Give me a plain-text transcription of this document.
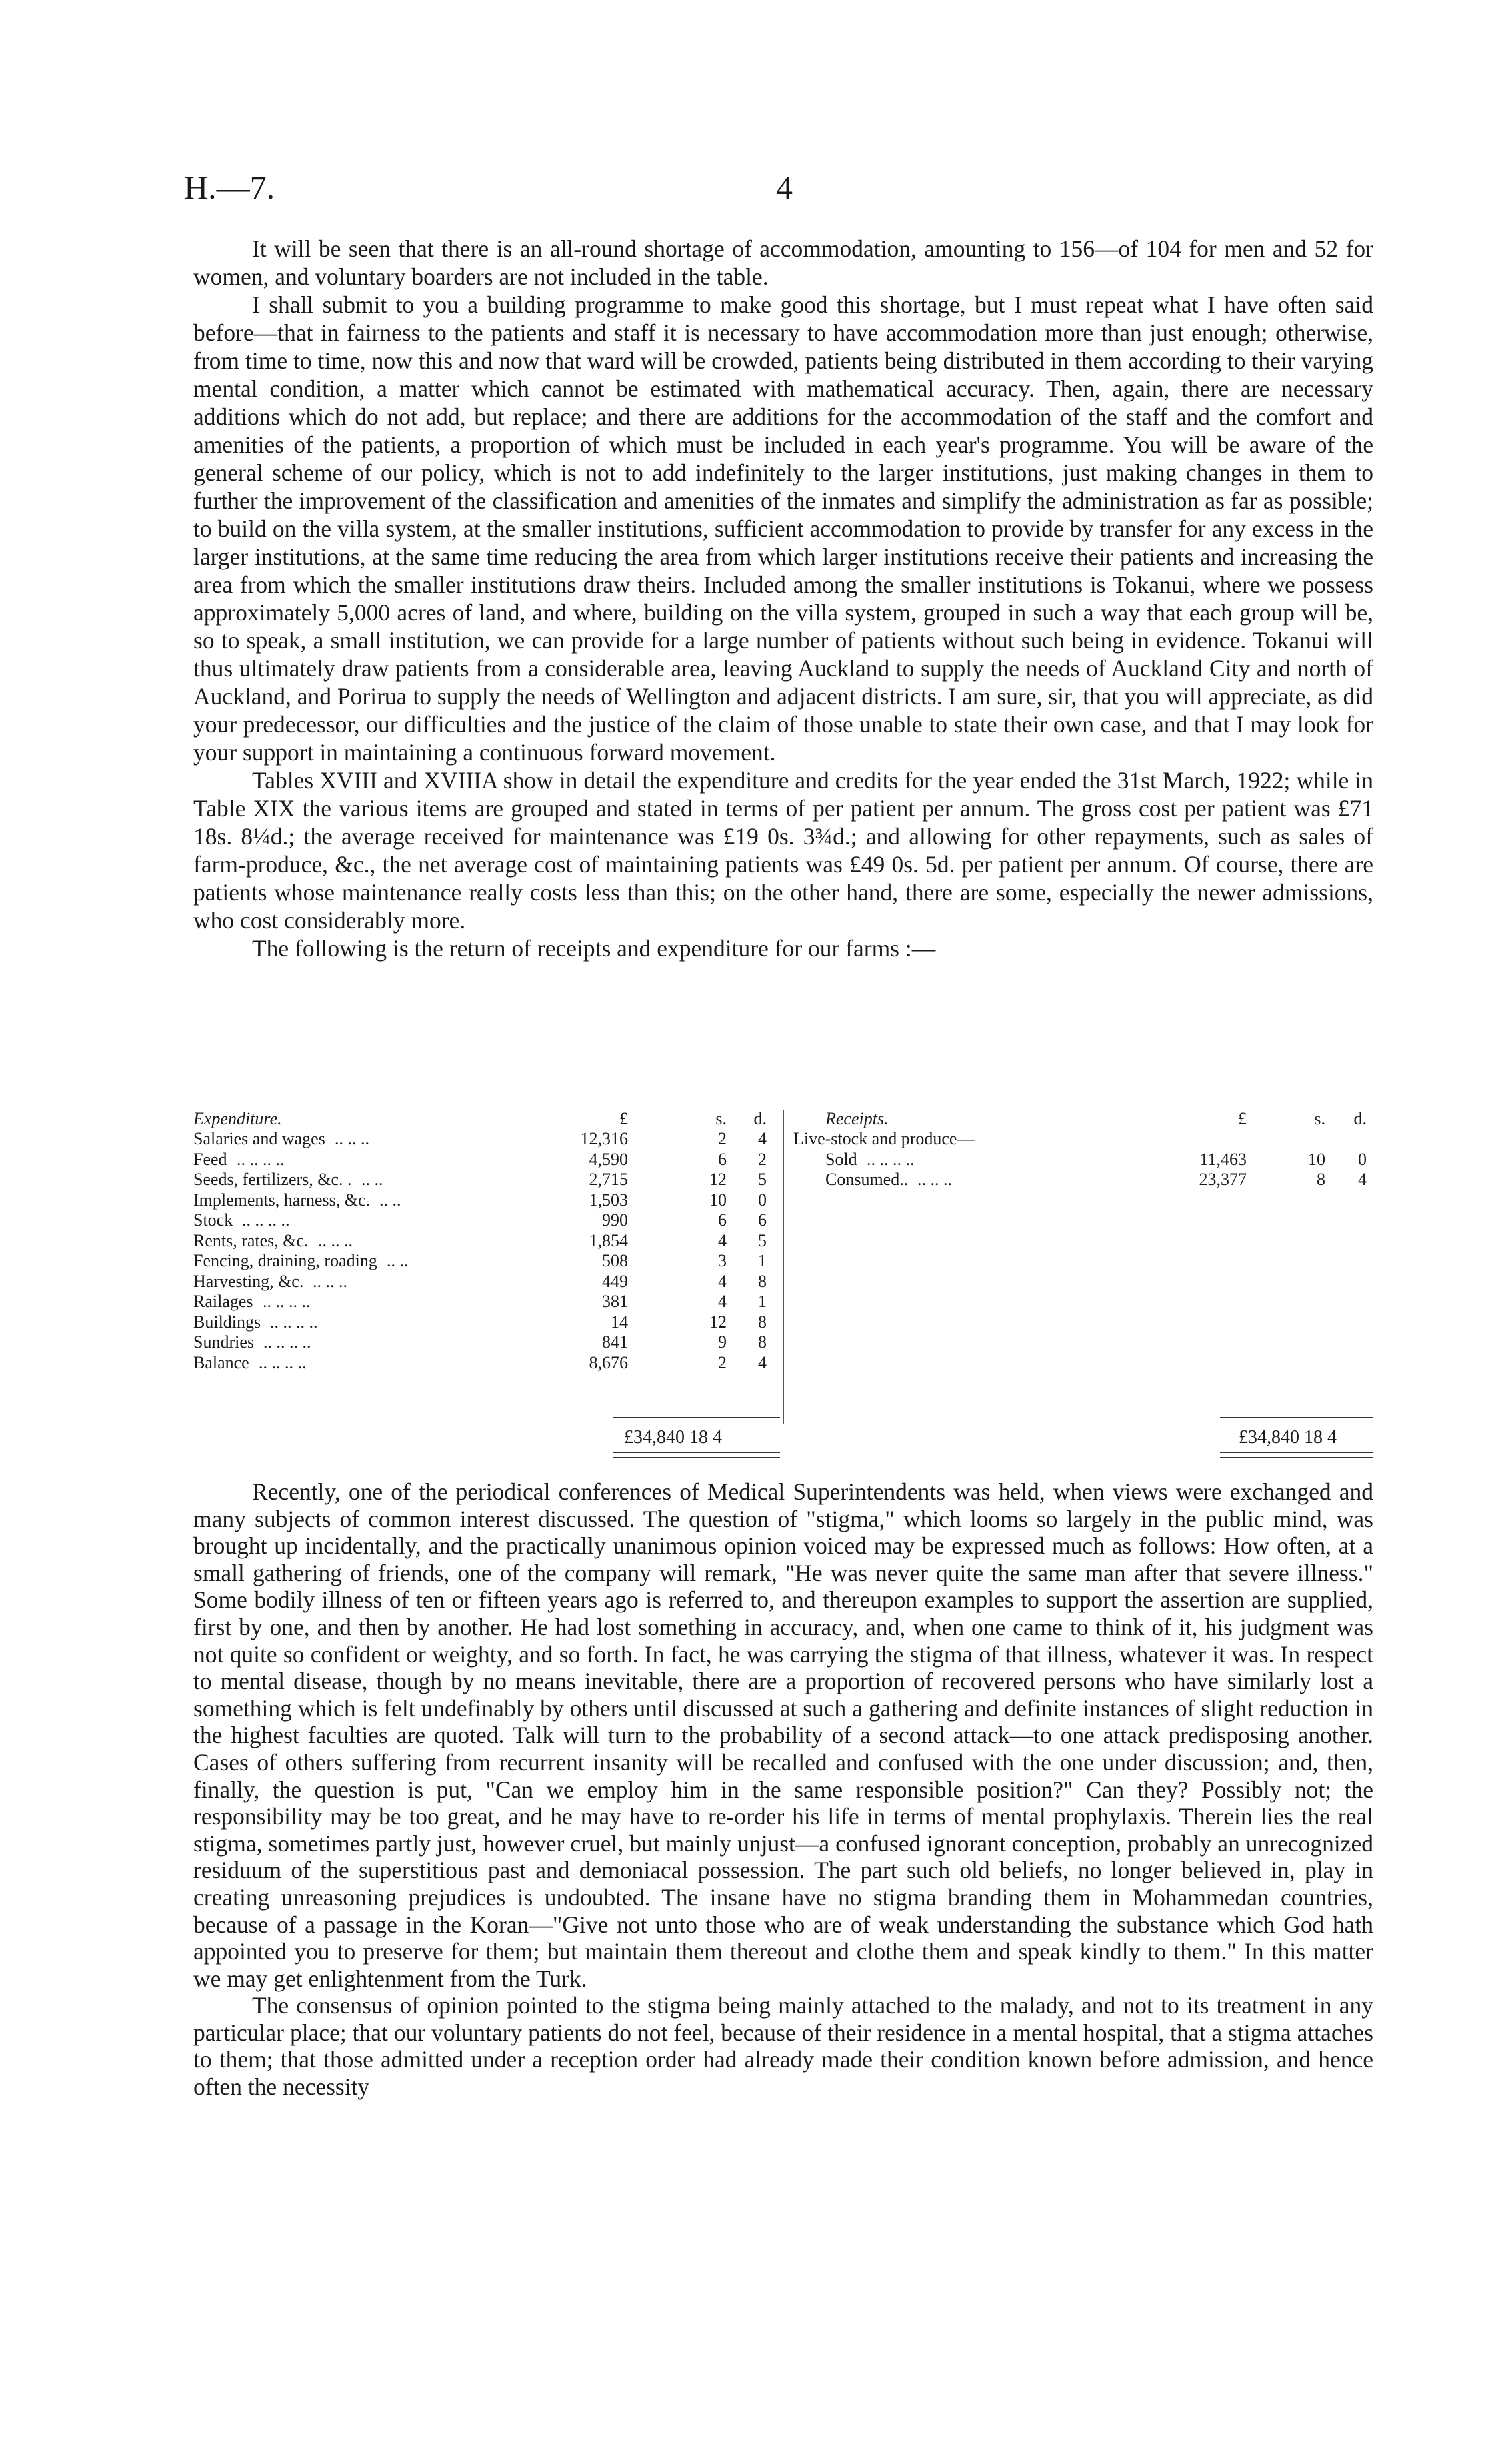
H.—7.	4

It will be seen that there is an all-round shortage of accommodation, amounting to 156—of 104 for men and 52 for women, and voluntary boarders are not included in the table.

I shall submit to you a building programme to make good this shortage, but I must repeat what I have often said before—that in fairness to the patients and staff it is necessary to have accommodation more than just enough; otherwise, from time to time, now this and now that ward will be crowded, patients being distributed in them according to their varying mental condition, a matter which cannot be estimated with mathematical accuracy. Then, again, there are necessary additions which do not add, but replace; and there are additions for the accommodation of the staff and the comfort and amenities of the patients, a proportion of which must be included in each year's programme. You will be aware of the general scheme of our policy, which is not to add indefinitely to the larger institutions, just making changes in them to further the improvement of the classification and amenities of the inmates and simplify the administration as far as possible; to build on the villa system, at the smaller institutions, sufficient accommodation to provide by transfer for any excess in the larger institutions, at the same time reducing the area from which larger institutions receive their patients and increasing the area from which the smaller institutions draw theirs. Included among the smaller institutions is Tokanui, where we possess approximately 5,000 acres of land, and where, building on the villa system, grouped in such a way that each group will be, so to speak, a small institution, we can provide for a large number of patients without such being in evidence. Tokanui will thus ultimately draw patients from a considerable area, leaving Auckland to supply the needs of Auckland City and north of Auckland, and Porirua to supply the needs of Wellington and adjacent districts. I am sure, sir, that you will appreciate, as did your predecessor, our difficulties and the justice of the claim of those unable to state their own case, and that I may look for your support in maintaining a continuous forward movement.

Tables XVIII and XVIIIA show in detail the expenditure and credits for the year ended the 31st March, 1922; while in Table XIX the various items are grouped and stated in terms of per patient per annum. The gross cost per patient was £71 18s. 8¼d.; the average received for maintenance was £19 0s. 3¾d.; and allowing for other repayments, such as sales of farm-produce, &c., the net average cost of maintaining patients was £49 0s. 5d. per patient per annum. Of course, there are patients whose maintenance really costs less than this; on the other hand, there are some, especially the newer admissions, who cost considerably more.

The following is the return of receipts and expenditure for our farms :—

Expenditure.	£	s.	d.
Salaries and wages .. .. ..	12,316	2	4
Feed .. .. .. ..	4,590	6	2
Seeds, fertilizers, &c. . .. ..	2,715	12	5
Implements, harness, &c. .. ..	1,503	10	0
Stock .. .. .. ..	990	6	6
Rents, rates, &c. .. .. ..	1,854	4	5
Fencing, draining, roading .. ..	508	3	1
Harvesting, &c. .. .. ..	449	4	8
Railages .. .. .. ..	381	4	1
Buildings .. .. .. ..	14	12	8
Sundries .. .. .. ..	841	9	8
Balance .. .. .. ..	8,676	2	4
Receipts.	£	s.	d.
Live-stock and produce—
Sold .. .. .. ..	11,463	10	0
Consumed.. .. .. ..	23,377	8	4
£34,840 18 4	£34,840 18 4

Recently, one of the periodical conferences of Medical Superintendents was held, when views were exchanged and many subjects of common interest discussed. The question of "stigma," which looms so largely in the public mind, was brought up incidentally, and the practically unanimous opinion voiced may be expressed much as follows: How often, at a small gathering of friends, one of the company will remark, "He was never quite the same man after that severe illness." Some bodily illness of ten or fifteen years ago is referred to, and thereupon examples to support the assertion are supplied, first by one, and then by another. He had lost something in accuracy, and, when one came to think of it, his judgment was not quite so confident or weighty, and so forth. In fact, he was carrying the stigma of that illness, whatever it was. In respect to mental disease, though by no means inevitable, there are a proportion of recovered persons who have similarly lost a something which is felt undefinably by others until discussed at such a gathering and definite instances of slight reduction in the highest faculties are quoted. Talk will turn to the probability of a second attack—to one attack predisposing another. Cases of others suffering from recurrent insanity will be recalled and confused with the one under discussion; and, then, finally, the question is put, "Can we employ him in the same responsible position?" Can they? Possibly not; the responsibility may be too great, and he may have to re-order his life in terms of mental prophylaxis. Therein lies the real stigma, sometimes partly just, however cruel, but mainly unjust—a confused ignorant conception, probably an unrecognized residuum of the superstitious past and demoniacal possession. The part such old beliefs, no longer believed in, play in creating unreasoning prejudices is undoubted. The insane have no stigma branding them in Mohammedan countries, because of a passage in the Koran—"Give not unto those who are of weak understanding the substance which God hath appointed you to preserve for them; but maintain them thereout and clothe them and speak kindly to them." In this matter we may get enlightenment from the Turk.

The consensus of opinion pointed to the stigma being mainly attached to the malady, and not to its treatment in any particular place; that our voluntary patients do not feel, because of their residence in a mental hospital, that a stigma attaches to them; that those admitted under a reception order had already made their condition known before admission, and hence often the necessity
